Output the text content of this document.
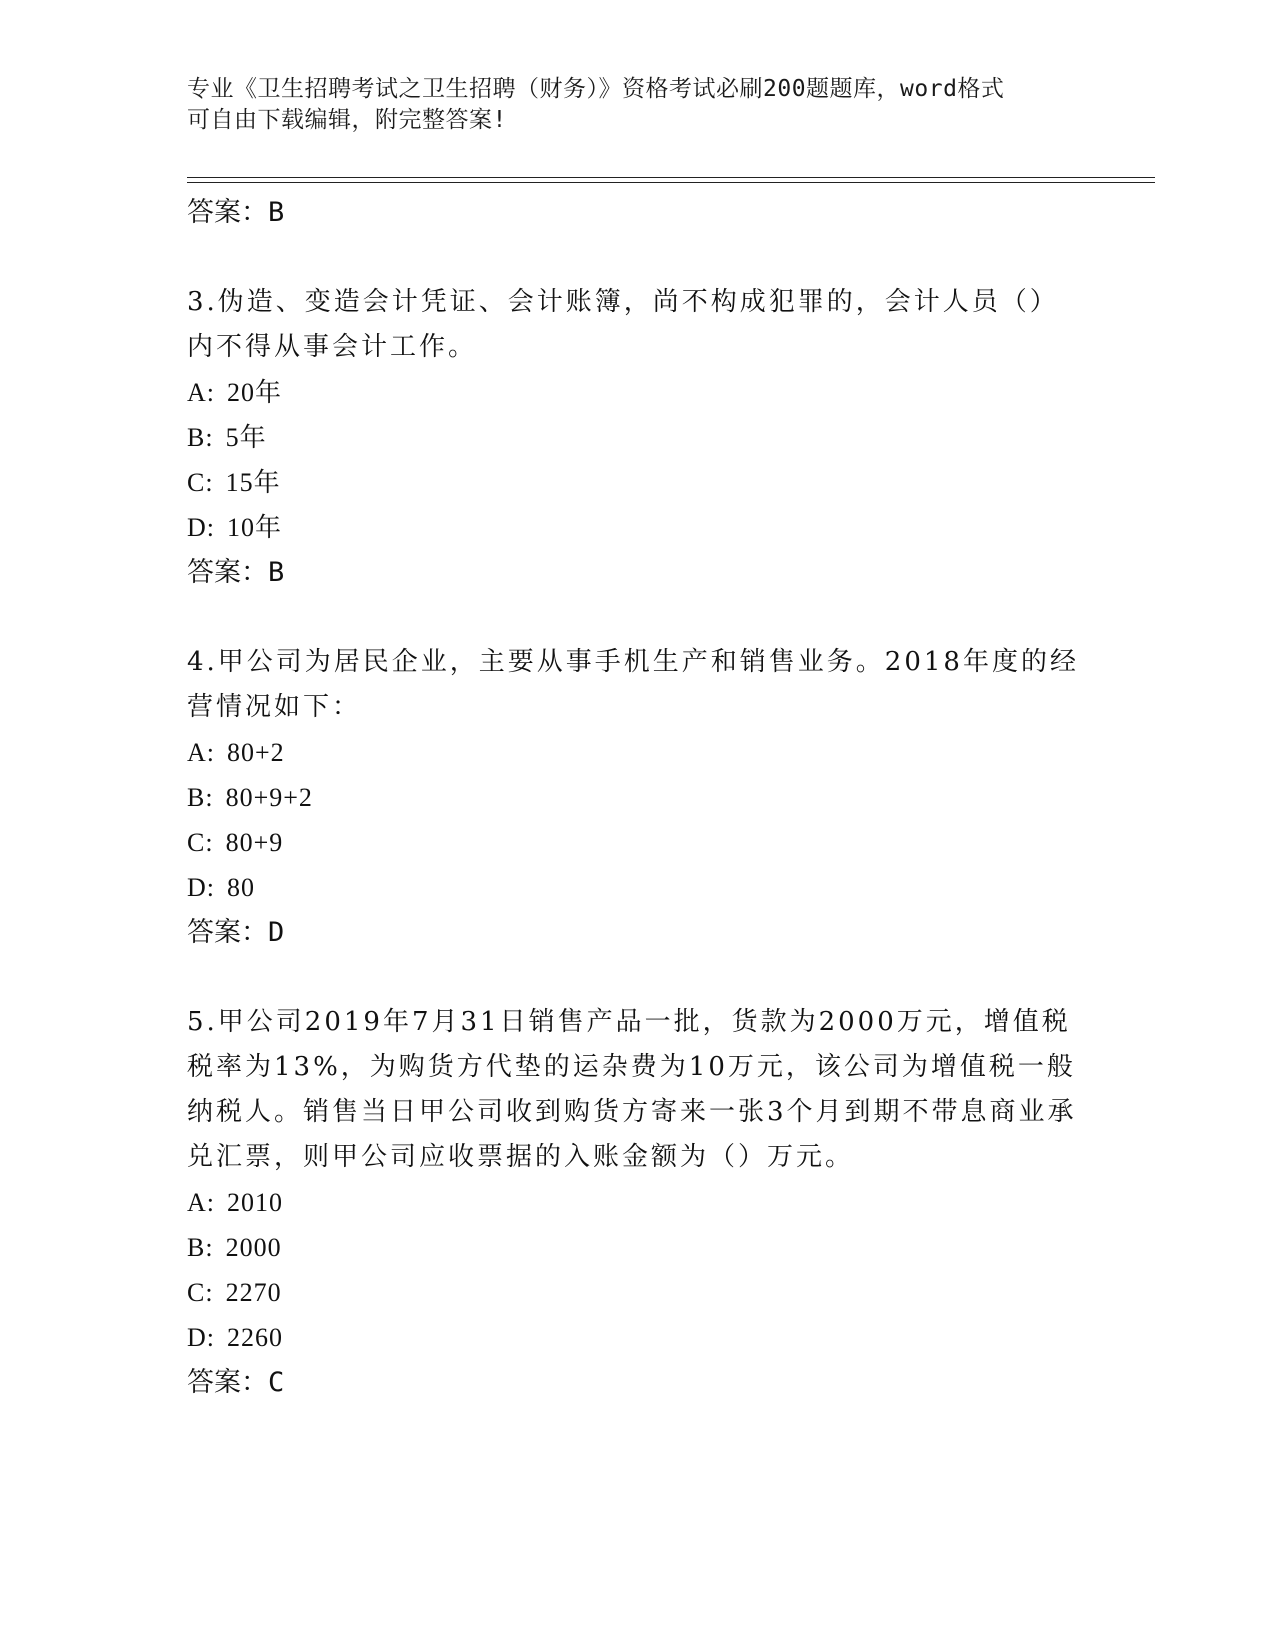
专业《卫生招聘考试之卫生招聘（财务）》资格考试必刷200题题库，word格式
可自由下载编辑，附完整答案!

答案：B

3.伪造、变造会计凭证、会计账簿，尚不构成犯罪的，会计人员（）内不得从事会计工作。

A: 20年

B: 5年

C: 15年

D: 10年

答案：B

4.甲公司为居民企业，主要从事手机生产和销售业务。2018年度的经营情况如下：

A: 80+2

B: 80+9+2

C: 80+9

D: 80

答案：D

5.甲公司2019年7月31日销售产品一批，货款为2000万元，增值税税率为13%，为购货方代垫的运杂费为10万元，该公司为增值税一般纳税人。销售当日甲公司收到购货方寄来一张3个月到期不带息商业承兑汇票，则甲公司应收票据的入账金额为（）万元。

A: 2010

B: 2000

C: 2270

D: 2260

答案：C
